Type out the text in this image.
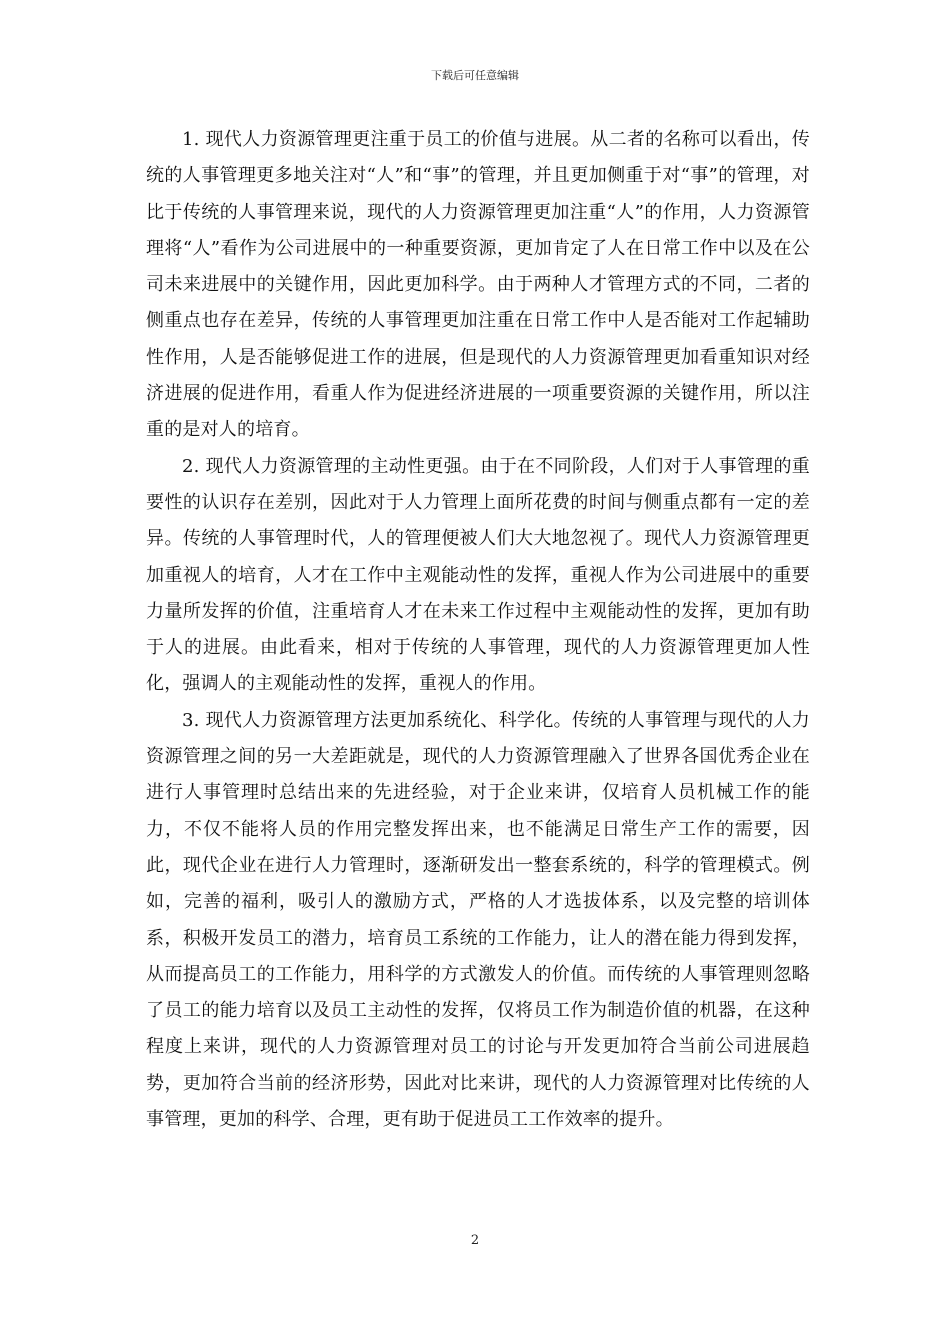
下载后可任意编辑

1. 现代人力资源管理更注重于员工的价值与进展。从二者的名称可以看出，传统的人事管理更多地关注对“人”和“事”的管理，并且更加侧重于对“事”的管理，对比于传统的人事管理来说，现代的人力资源管理更加注重“人”的作用，人力资源管理将“人”看作为公司进展中的一种重要资源，更加肯定了人在日常工作中以及在公司未来进展中的关键作用，因此更加科学。由于两种人才管理方式的不同，二者的侧重点也存在差异，传统的人事管理更加注重在日常工作中人是否能对工作起辅助性作用，人是否能够促进工作的进展，但是现代的人力资源管理更加看重知识对经济进展的促进作用，看重人作为促进经济进展的一项重要资源的关键作用，所以注重的是对人的培育。

2. 现代人力资源管理的主动性更强。由于在不同阶段，人们对于人事管理的重要性的认识存在差别，因此对于人力管理上面所花费的时间与侧重点都有一定的差异。传统的人事管理时代，人的管理便被人们大大地忽视了。现代人力资源管理更加重视人的培育，人才在工作中主观能动性的发挥，重视人作为公司进展中的重要力量所发挥的价值，注重培育人才在未来工作过程中主观能动性的发挥，更加有助于人的进展。由此看来，相对于传统的人事管理，现代的人力资源管理更加人性化，强调人的主观能动性的发挥，重视人的作用。

3. 现代人力资源管理方法更加系统化、科学化。传统的人事管理与现代的人力资源管理之间的另一大差距就是，现代的人力资源管理融入了世界各国优秀企业在进行人事管理时总结出来的先进经验，对于企业来讲，仅培育人员机械工作的能力，不仅不能将人员的作用完整发挥出来，也不能满足日常生产工作的需要，因此，现代企业在进行人力管理时，逐渐研发出一整套系统的，科学的管理模式。例如，完善的福利，吸引人的激励方式，严格的人才选拔体系，以及完整的培训体系，积极开发员工的潜力，培育员工系统的工作能力，让人的潜在能力得到发挥，从而提高员工的工作能力，用科学的方式激发人的价值。而传统的人事管理则忽略了员工的能力培育以及员工主动性的发挥，仅将员工作为制造价值的机器，在这种程度上来讲，现代的人力资源管理对员工的讨论与开发更加符合当前公司进展趋势，更加符合当前的经济形势，因此对比来讲，现代的人力资源管理对比传统的人事管理，更加的科学、合理，更有助于促进员工工作效率的提升。

2
